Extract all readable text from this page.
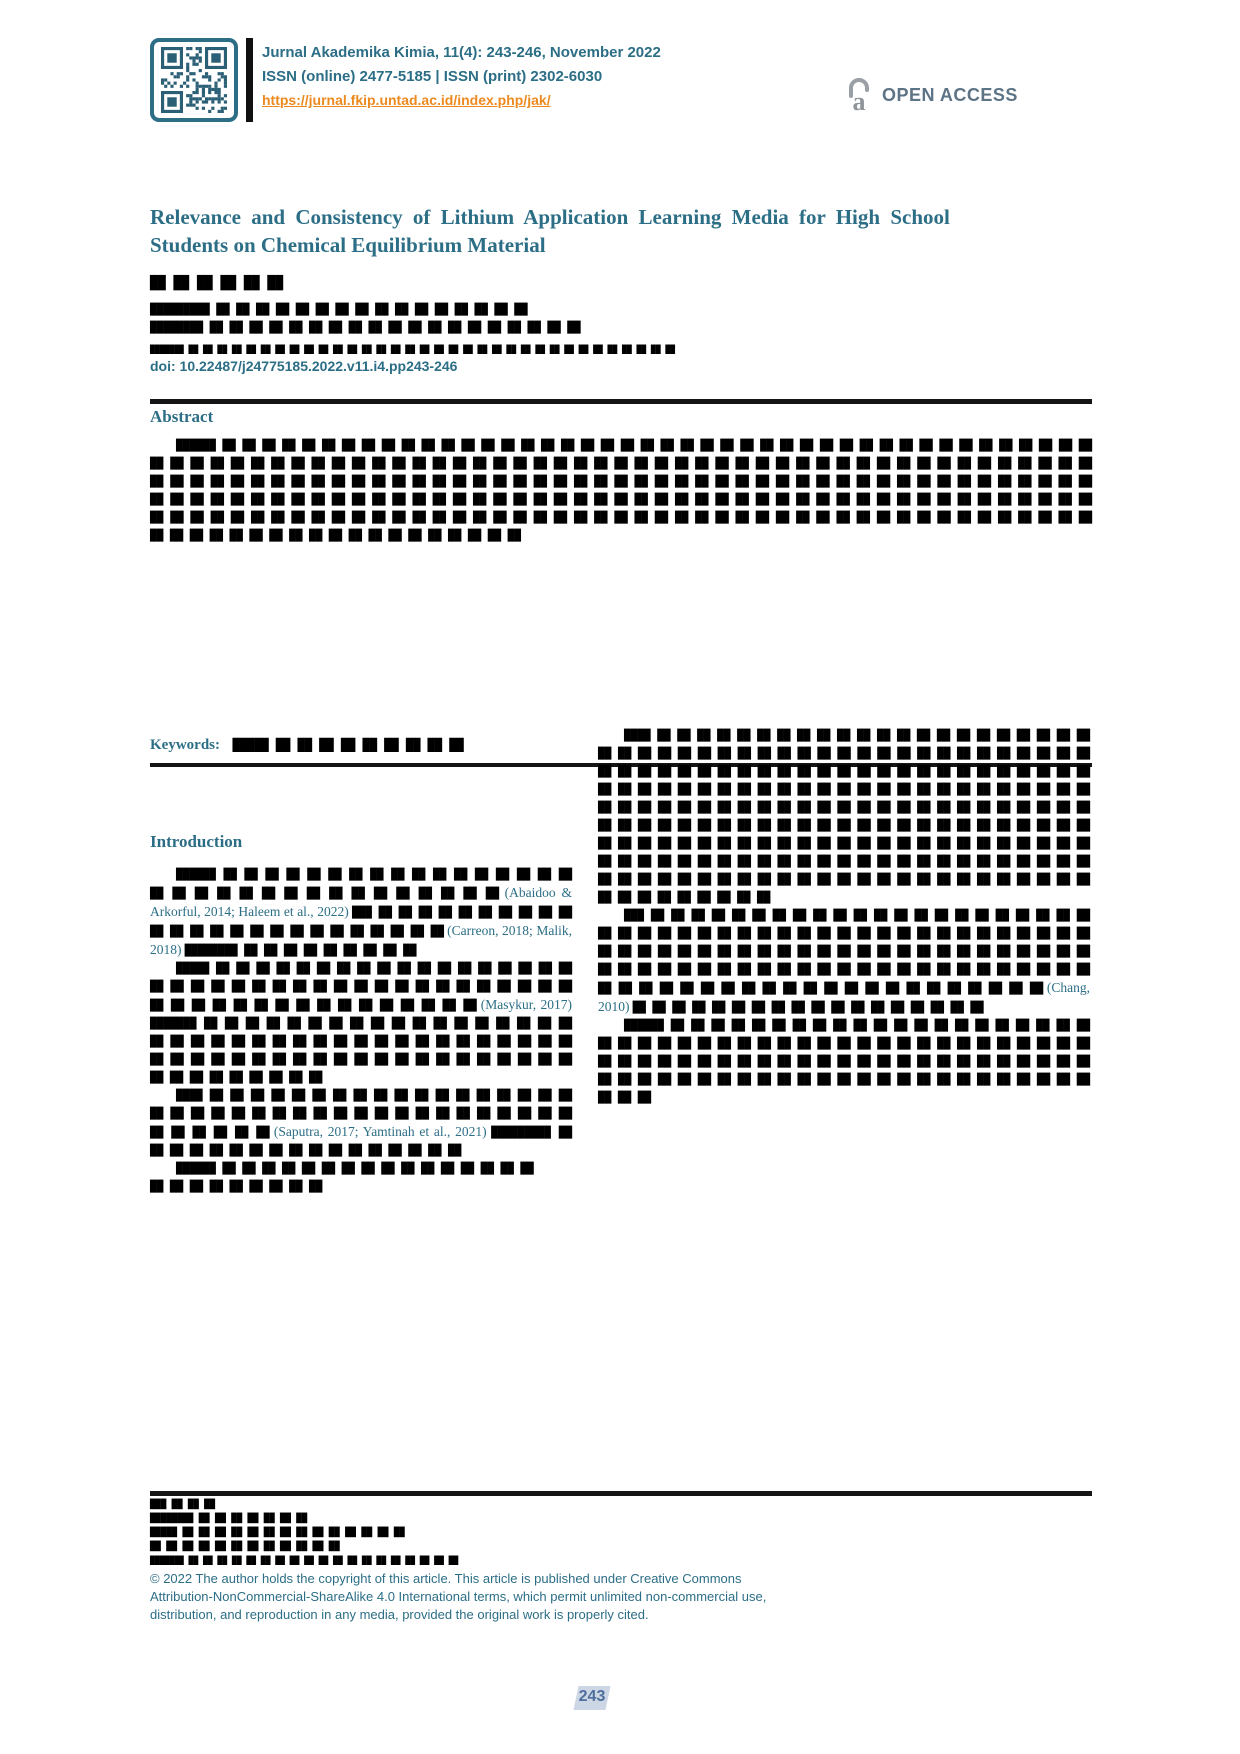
Jurnal Akademika Kimia, 11(4): 243-246, November 2022
ISSN (online) 2477-5185 | ISSN (print) 2302-6030
https://jurnal.fkip.untad.ac.id/index.php/jak/	a OPEN ACCESS
Relevance and Consistency of Lithium Application Learning Media for High School
Students on Chemical Equilibrium Material
██ ██ ██ ██ ██ ██
█████████ ██ ██ ██ ██ ██ ██ ██ ██ ██ ██ ██ ██ ██ ██ ██ ██
████████ ██ ██ ██ ██ ██ ██ ██ ██ ██ ██ ██ ██ ██ ██ ██ ██ ██ ██ ██
███████ ██ ██ ██ ██ ██ ██ ██ ██ ██ ██ ██ ██ ██ ██ ██ ██ ██ ██ ██ ██ ██ ██ ██ ██ ██ ██ ██ ██ ██ ██ ██ ██ ██ ██
doi: 10.22487/j24775185.2022.v11.i4.pp243-246
Abstract
██████ ██ ██ ██ ██ ██ ██ ██ ██ ██ ██ ██ ██ ██ ██ ██ ██ ██ ██ ██ ██ ██ ██ ██ ██ ██ ██ ██ ██ ██ ██ ██ ██ ██ ██ ██ ██ ██ ██ ██ ██ ██ ██ ██ ██ ██ ██ ██ ██ ██ ██ ██ ██ ██ ██ ██ ██ ██ ██ ██ ██ ██ ██ ██ ██ ██ ██ ██ ██ ██ ██ ██ ██ ██ ██ ██ ██ ██ ██ ██ ██ ██ ██ ██ ██ ██ ██ ██ ██ ██ ██ ██ ██ ██ ██ ██ ██ ██ ██ ██ ██ ██ ██ ██ ██ ██ ██ ██ ██ ██ ██ ██ ██ ██ ██ ██ ██ ██ ██ ██ ██ ██ ██ ██ ██ ██ ██ ██ ██ ██ ██ ██ ██ ██ ██ ██ ██ ██ ██ ██ ██ ██ ██ ██ ██ ██ ██ ██ ██ ██ ██ ██ ██ ██ ██ ██ ██ ██ ██ ██ ██ ██ ██ ██ ██ ██ ██ ██ ██ ██ ██ ██ ██ ██ ██ ██ ██ ██ ██ ██ ██ ██ ██ ██ ██ ██ ██ ██ ██ ██ ██ ██ ██ ██ ██ ██ ██ ██ ██ ██ ██ ██ ██ ██ ██ ██ ██ ██ ██ ██ ██ ██ ██ ██ ██ ██ ██ ██ ██ ██ ██ ██ ██ ██ ██ ██ ██ ██ ██ ██ ██ ██ ██ ██ ██ ██ ██ ██ ██ ██ ██ ██ ██ ██ ██ ██ ██ ██ ██ ██ ██ ██
Keywords: █████ ██ ██ ██ ██ ██ ██ ██ ██ ██

████ ██ ██ ██ ██ ██ ██ ██ ██ ██ ██ ██ ██ ██ ██ ██ ██ ██ ██ ██ ██ ██ ██ ██ ██ ██ ██ ██ ██ ██ ██ ██ ██ ██ ██ ██ ██ ██ ██ ██ ██ ██ ██ ██ ██ ██ ██ ██ ██ ██ ██ ██ ██ ██ ██ ██ ██ ██ ██ ██ ██ ██ ██ ██ ██ ██ ██ ██ ██ ██ ██ ██ ██ ██ ██ ██ ██ ██ ██ ██ ██ ██ ██ ██ ██ ██ ██ ██ ██ ██ ██ ██ ██ ██ ██ ██ ██ ██ ██ ██ ██ ██ ██ ██ ██ ██ ██ ██ ██ ██ ██ ██ ██ ██ ██ ██ ██ ██ ██ ██ ██ ██ ██ ██ ██ ██ ██ ██ ██ ██ ██ ██ ██ ██ ██ ██ ██ ██ ██ ██ ██ ██ ██ ██ ██ ██ ██ ██ ██ ██ ██ ██ ██ ██ ██ ██ ██ ██ ██ ██ ██ ██ ██ ██ ██ ██ ██ ██ ██ ██ ██ ██ ██ ██ ██ ██ ██ ██ ██ ██ ██ ██ ██ ██ ██ ██ ██ ██ ██ ██ ██ ██ ██ ██ ██ ██ ██ ██ ██ ██ ██ ██ ██ ██ ██ ██ ██ ██ ██ ██ ██ ██ ██ ██ ██ ██ ██ ██ ██ ██ ██ ██ ██ ██ ██ ██ ██ ██ ██ ██ ██ ██

███ ██ ██ ██ ██ ██ ██ ██ ██ ██ ██ ██ ██ ██ ██ ██ ██ ██ ██ ██ ██ ██ ██ ██ ██ ██ ██ ██ ██ ██ ██ ██ ██ ██ ██ ██ ██ ██ ██ ██ ██ ██ ██ ██ ██ ██ ██ ██ ██ ██ ██ ██ ██ ██ ██ ██ ██ ██ ██ ██ ██ ██ ██ ██ ██ ██ ██ ██ ██ ██ ██ ██ ██ ██ ██ ██ ██ ██ ██ ██ ██ ██ ██ ██ ██ ██ ██ ██ ██ ██ ██ ██ ██ ██ ██ ██ ██ ██ ██ ██ ██ ██ ██ ██ ██ ██ ██ ██ ██ ██ ██ ██ ██ ██ ██ ██ ██ ██ ██ ██ (Chang, 2010) ██ ██ ██ ██ ██ ██ ██ ██ ██ ██ ██ ██ ██ ██ ██ ██ ██ ██

██████ ██ ██ ██ ██ ██ ██ ██ ██ ██ ██ ██ ██ ██ ██ ██ ██ ██ ██ ██ ██ ██ ██ ██ ██ ██ ██ ██ ██ ██ ██ ██ ██ ██ ██ ██ ██ ██ ██ ██ ██ ██ ██ ██ ██ ██ ██ ██ ██ ██ ██ ██ ██ ██ ██ ██ ██ ██ ██ ██ ██ ██ ██ ██ ██ ██ ██ ██ ██ ██ ██ ██ ██ ██ ██ ██ ██ ██ ██ ██ ██ ██ ██ ██ ██ ██ ██ ██ ██ ██ ██ ██ ██ ██ ██ ██ ██ ██ ██ ██

Introduction

██████ ██ ██ ██ ██ ██ ██ ██ ██ ██ ██ ██ ██ ██ ██ ██ ██ ██ ██ ██ ██ ██ ██ ██ ██ ██ ██ ██ ██ ██ ██ ██ ██ ██ (Abaidoo & Arkorful, 2014; Haleem et al., 2022) ███ ██ ██ ██ ██ ██ ██ ██ ██ ██ ██ ██ ██ ██ ██ ██ ██ ██ ██ ██ ██ ██ ██ ██ ██ ██ (Carreon, 2018; Malik, 2018) ████████ ██ ██ ██ ██ ██ ██ ██ ██ ██

█████ ██ ██ ██ ██ ██ ██ ██ ██ ██ ██ ██ ██ ██ ██ ██ ██ ██ ██ ██ ██ ██ ██ ██ ██ ██ ██ ██ ██ ██ ██ ██ ██ ██ ██ ██ ██ ██ ██ ██ ██ ██ ██ ██ ██ ██ ██ ██ ██ ██ ██ ██ ██ ██ ██ ██ (Masykur, 2017) ███████ ██ ██ ██ ██ ██ ██ ██ ██ ██ ██ ██ ██ ██ ██ ██ ██ ██ ██ ██ ██ ██ ██ ██ ██ ██ ██ ██ ██ ██ ██ ██ ██ ██ ██ ██ ██ ██ ██ ██ ██ ██ ██ ██ ██ ██ ██ ██ ██ ██ ██ ██ ██ ██ ██ ██ ██ ██ ██ ██ ██ ██ ██ ██ ██ ██ ██ ██ ██ ██

████ ██ ██ ██ ██ ██ ██ ██ ██ ██ ██ ██ ██ ██ ██ ██ ██ ██ ██ ██ ██ ██ ██ ██ ██ ██ ██ ██ ██ ██ ██ ██ ██ ██ ██ ██ ██ ██ ██ ██ ██ ██ ██ ██ ██ ██ (Saputra, 2017; Yamtinah et al., 2021) █████████ ██ ██ ██ ██ ██ ██ ██ ██ ██ ██ ██ ██ ██ ██ ██ ██ ██

██████ ██ ██ ██ ██ ██ ██ ██ ██ ██ ██ ██ ██ ██ ██ ██ ██ ██ ██ ██ ██ ██ ██ ██ ██ ██

███ ██ ██ ██
████████ ██ ██ ██ ██ ██ ██ ██
█████ ██ ██ ██ ██ ██ ██ ██ ██ ██ ██ ██ ██ ██ ██
██ ██ ██ ██ ██ ██ ██ ██ ██ ██ ██ ██
███████ ██ ██ ██ ██ ██ ██ ██ ██ ██ ██ ██ ██ ██ ██ ██ ██ ██ ██ ██
© 2022 The author holds the copyright of this article. This article is published under Creative Commons
Attribution-NonCommercial-ShareAlike 4.0 International terms, which permit unlimited non-commercial use,
distribution, and reproduction in any media, provided the original work is properly cited.
243
